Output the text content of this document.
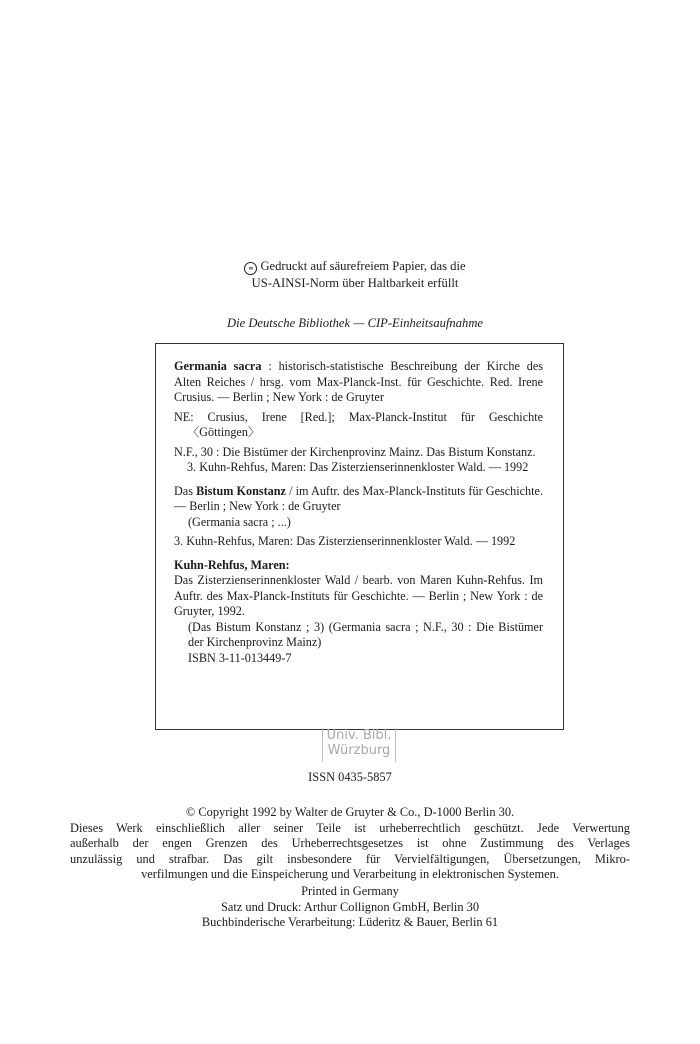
∞ Gedruckt auf säurefreiem Papier, das die
US-AINSI-Norm über Haltbarkeit erfüllt
Die Deutsche Bibliothek — CIP-Einheitsaufnahme
Germania sacra : historisch-statistische Beschreibung der Kirche des Alten Reiches / hrsg. vom Max-Planck-Inst. für Geschichte. Red. Irene Crusius. — Berlin ; New York : de Gruyter
NE: Crusius, Irene [Red.]; Max-Planck-Institut für Geschichte 〈Göttingen〉
N.F., 30 : Die Bistümer der Kirchenprovinz Mainz. Das Bistum Konstanz.
3. Kuhn-Rehfus, Maren: Das Zisterzienserinnenkloster Wald. — 1992
Das Bistum Konstanz / im Auftr. des Max-Planck-Instituts für Geschichte. — Berlin ; New York : de Gruyter
(Germania sacra ; ...)
3. Kuhn-Rehfus, Maren: Das Zisterzienserinnenkloster Wald. — 1992
Kuhn-Rehfus, Maren:
Das Zisterzienserinnenkloster Wald / bearb. von Maren Kuhn-Rehfus. Im Auftr. des Max-Planck-Instituts für Geschichte. — Berlin ; New York : de Gruyter, 1992.
(Das Bistum Konstanz ; 3) (Germania sacra ; N.F., 30 : Die Bistümer der Kirchenprovinz Mainz)
ISBN 3-11-013449-7
Univ. Bibl.
Würzburg
ISSN 0435-5857
© Copyright 1992 by Walter de Gruyter & Co., D-1000 Berlin 30.
Dieses Werk einschließlich aller seiner Teile ist urheberrechtlich geschützt. Jede Verwertung
außerhalb der engen Grenzen des Urheberrechtsgesetzes ist ohne Zustimmung des Verlages
unzulässig und strafbar. Das gilt insbesondere für Vervielfältigungen, Übersetzungen, Mikro-
verfilmungen und die Einspeicherung und Verarbeitung in elektronischen Systemen.
Printed in Germany
Satz und Druck: Arthur Collignon GmbH, Berlin 30
Buchbinderische Verarbeitung: Lüderitz & Bauer, Berlin 61
